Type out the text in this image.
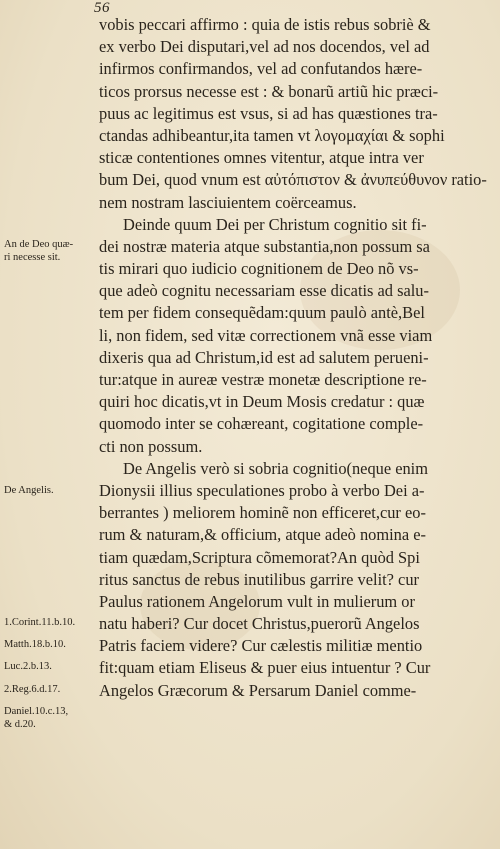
56
An de Deo quæ-
ri necesse sit.
De Angelis.
1.Corint.11.b.10.
Matth.18.b.10.
Luc.2.b.13.
2.Reg.6.d.17.
Daniel.10.c.13,
& d.20.
vobis peccari affirmo : quia de istis rebus sobriè &
ex verbo Dei disputari,vel ad nos docendos, vel ad
infirmos confirmandos, vel ad confutandos hære-
ticos prorsus necesse est : & bonarũ artiũ hic præci-
puus ac legitimus est vsus, si ad has quæstiones tra-
ctandas adhibeantur,ita tamen vt λογομαχίαι & sophi
sticæ contentiones omnes vitentur, atque intra ver
bum Dei, quod vnum est αὐτόπιστον & ἀνυπεύθυνον ratio-
nem nostram lasciuientem coërceamus.
Deinde quum Dei per Christum cognitio sit fi-
dei nostræ materia atque substantia,non possum sa
tis mirari quo iudicio cognitionem de Deo nõ vs-
que adeò cognitu necessariam esse dicatis ad salu-
tem per fidem consequẽdam:quum paulò antè,Bel
li, non fidem, sed vitæ correctionem vnã esse viam
dixeris qua ad Christum,id est ad salutem perueni-
tur:atque in aureæ vestræ monetæ descriptione re-
quiri hoc dicatis,vt in Deum Mosis credatur : quæ
quomodo inter se cohæreant, cogitatione comple-
cti non possum.
De Angelis verò si sobria cognitio(neque enim
Dionysii illius speculationes probo à verbo Dei a-
berrantes ) meliorem hominẽ non efficeret,cur eo-
rum & naturam,& officium, atque adeò nomina e-
tiam quædam,Scriptura cõmemorat?An quòd Spi
ritus sanctus de rebus inutilibus garrire velit? cur
Paulus rationem Angelorum vult in mulierum or
natu haberi? Cur docet Christus,puerorũ Angelos
Patris faciem videre? Cur cælestis militiæ mentio
fit:quam etiam Eliseus & puer eius intuentur ? Cur
Angelos Græcorum & Persarum Daniel comme-
